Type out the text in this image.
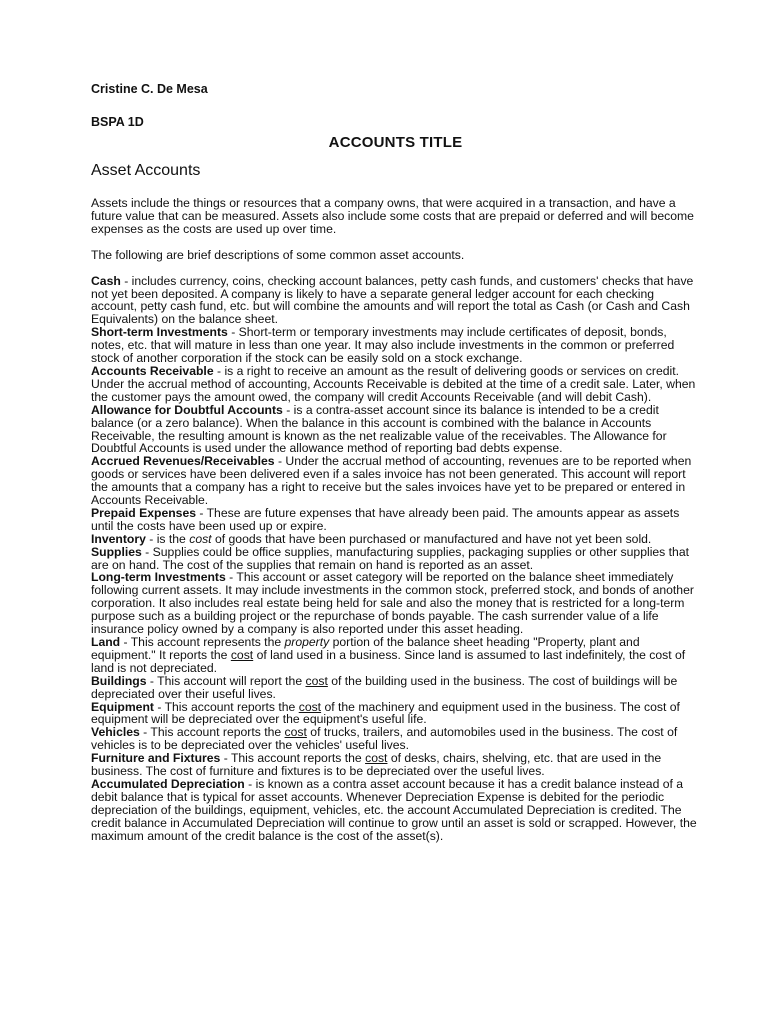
Cristine C. De Mesa

BSPA 1D

ACCOUNTS TITLE
Asset Accounts

Assets include the things or resources that a company owns, that were acquired in a transaction, and have a future value that can be measured. Assets also include some costs that are prepaid or deferred and will become expenses as the costs are used up over time.

The following are brief descriptions of some common asset accounts.

Cash - includes currency, coins, checking account balances, petty cash funds, and customers' checks that have not yet been deposited. A company is likely to have a separate general ledger account for each checking account, petty cash fund, etc. but will combine the amounts and will report the total as Cash (or Cash and Cash Equivalents) on the balance sheet.

Short-term Investments - Short-term or temporary investments may include certificates of deposit, bonds, notes, etc. that will mature in less than one year. It may also include investments in the common or preferred stock of another corporation if the stock can be easily sold on a stock exchange.

Accounts Receivable - is a right to receive an amount as the result of delivering goods or services on credit. Under the accrual method of accounting, Accounts Receivable is debited at the time of a credit sale. Later, when the customer pays the amount owed, the company will credit Accounts Receivable (and will debit Cash).

Allowance for Doubtful Accounts - is a contra-asset account since its balance is intended to be a credit balance (or a zero balance). When the balance in this account is combined with the balance in Accounts Receivable, the resulting amount is known as the net realizable value of the receivables. The Allowance for Doubtful Accounts is used under the allowance method of reporting bad debts expense.

Accrued Revenues/Receivables - Under the accrual method of accounting, revenues are to be reported when goods or services have been delivered even if a sales invoice has not been generated. This account will report the amounts that a company has a right to receive but the sales invoices have yet to be prepared or entered in Accounts Receivable.

Prepaid Expenses - These are future expenses that have already been paid. The amounts appear as assets until the costs have been used up or expire.

Inventory - is the cost of goods that have been purchased or manufactured and have not yet been sold.

Supplies - Supplies could be office supplies, manufacturing supplies, packaging supplies or other supplies that are on hand. The cost of the supplies that remain on hand is reported as an asset.

Long-term Investments - This account or asset category will be reported on the balance sheet immediately following current assets. It may include investments in the common stock, preferred stock, and bonds of another corporation. It also includes real estate being held for sale and also the money that is restricted for a long-term purpose such as a building project or the repurchase of bonds payable. The cash surrender value of a life insurance policy owned by a company is also reported under this asset heading.

Land - This account represents the property portion of the balance sheet heading "Property, plant and equipment." It reports the cost of land used in a business. Since land is assumed to last indefinitely, the cost of land is not depreciated.

Buildings - This account will report the cost of the building used in the business. The cost of buildings will be depreciated over their useful lives.

Equipment - This account reports the cost of the machinery and equipment used in the business. The cost of equipment will be depreciated over the equipment's useful life.

Vehicles - This account reports the cost of trucks, trailers, and automobiles used in the business. The cost of vehicles is to be depreciated over the vehicles' useful lives.

Furniture and Fixtures - This account reports the cost of desks, chairs, shelving, etc. that are used in the business. The cost of furniture and fixtures is to be depreciated over the useful lives.

Accumulated Depreciation - is known as a contra asset account because it has a credit balance instead of a debit balance that is typical for asset accounts. Whenever Depreciation Expense is debited for the periodic depreciation of the buildings, equipment, vehicles, etc. the account Accumulated Depreciation is credited. The credit balance in Accumulated Depreciation will continue to grow until an asset is sold or scrapped. However, the maximum amount of the credit balance is the cost of the asset(s).
